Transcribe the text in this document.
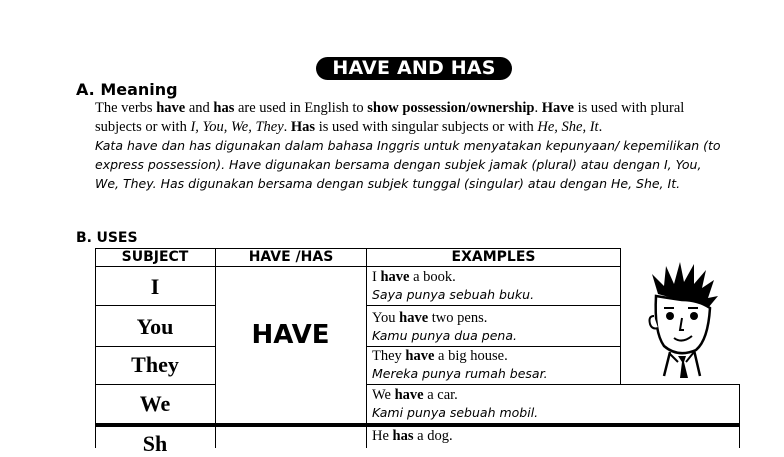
HAVE AND HAS
A. Meaning
The verbs have and has are used in English to show possession/ownership. Have is used with plural
subjects or with I, You, We, They. Has is used with singular subjects or with He, She, It.
Kata have dan has digunakan dalam bahasa Inggris untuk menyatakan kepunyaan/ kepemilikan (to
express possession). Have digunakan bersama dengan subjek jamak (plural) atau dengan I, You,
We, They. Has digunakan bersama dengan subjek tunggal (singular) atau dengan He, She, It.
B. USES
SUBJECT	HAVE /HAS	EXAMPLES
I
You
They
We
Sh
HAVE
I have a book.
Saya punya sebuah buku.
You have two pens.
Kamu punya dua pena.
They have a big house.
Mereka punya rumah besar.
We have a car.
Kami punya sebuah mobil.
He has a dog.
